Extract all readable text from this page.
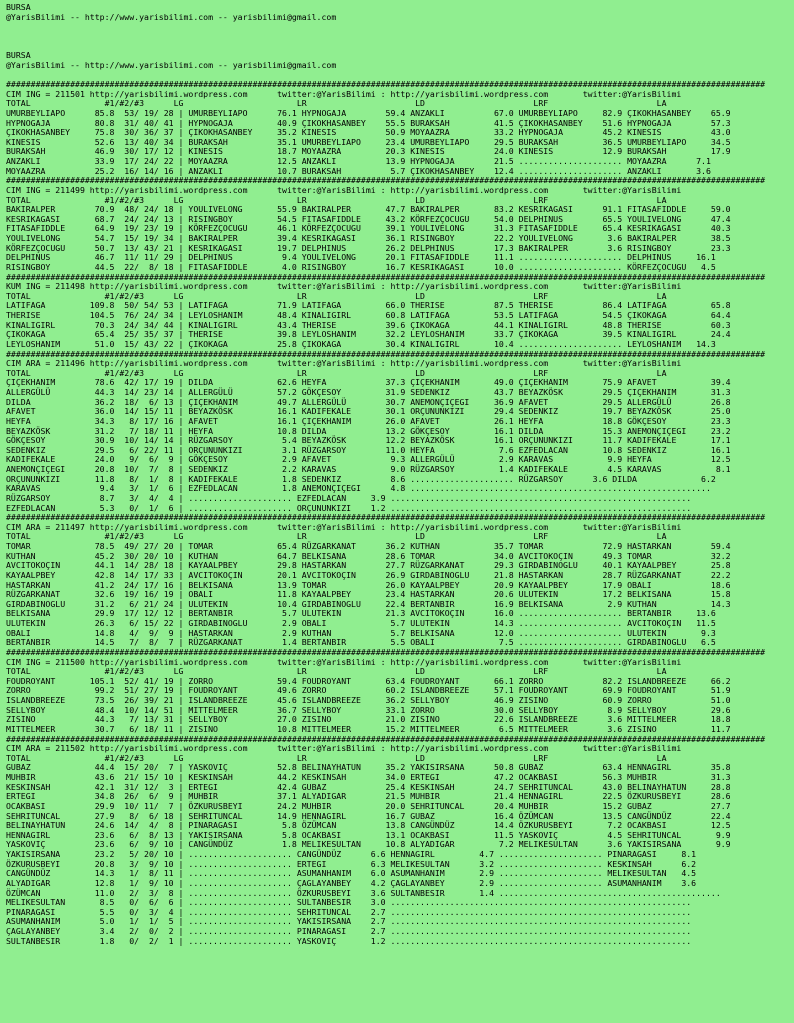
BURSA
@YarisBilimi -- http://www.yarisbilimi.com -- yarisbilimi@gmail.com

BURSA
@YarisBilimi -- http://www.yarisbilimi.com -- yarisbilimi@gmail.com

##########################################################################################################################################################
CIM ING = 211501 http://yarisbilimi.wordpress.com      twitter:@YarisBilimi : http://yarisbilimi.wordpress.com       twitter:@YarisBilimi
TOTAL               #1/#2/#3      LG                       LR                      LD                      LRF                      LA
UMURBEYLIAPO      85.8  53/ 19/ 28 | UMURBEYLIAPO      76.1 HYPNOGAJA        59.4 ANZAKLI          67.0 UMURBEYLIAPO     82.9 ÇIKOKHASANBEY    65.9
HYPNOGAJA         80.8  31/ 40/ 41 | HYPNOGAJA         40.9 ÇIKOKHASANBEY    55.5 BURAKSAH         41.5 ÇIKOKHASANBEY    51.6 HYPNOGAJA        57.3
ÇIKOKHASANBEY     75.8  30/ 36/ 37 | ÇIKOKHASANBEY     35.2 KINESIS          50.9 MOYAAZRA         33.2 HYPNOGAJA        45.2 KINESIS          43.0
KINESIS           52.6  13/ 40/ 34 | BURAKSAH          35.1 UMURBEYLIAPO     23.4 UMURBEYLIAPO     29.5 BURAKSAH         36.5 UMURBEYLIAPO     34.5
BURAKSAH          46.9  30/ 17/ 12 | KINESIS           18.7 MOYAAZRA         20.3 KINESIS          24.0 KINESIS          12.9 BURAKSAH         17.9
ANZAKLI           33.9  17/ 24/ 22 | MOYAAZRA          12.5 ANZAKLI          13.9 HYPNOGAJA        21.5 ..................... MOYAAZRA      7.1
MOYAAZRA          25.2  16/ 14/ 16 | ANZAKLI           10.7 BURAKSAH          5.7 ÇIKOKHASANBEY    12.4 ..................... ANZAKLI       3.6
##########################################################################################################################################################
CIM ING = 211499 http://yarisbilimi.wordpress.com      twitter:@YarisBilimi : http://yarisbilimi.wordpress.com       twitter:@YarisBilimi
TOTAL               #1/#2/#3      LG                       LR                      LD                      LRF                      LA
BAKIRALPER        70.9  48/ 24/ 18 | YOULIVELONG       55.9 BAKIRALPER       47.7 BAKIRALPER       83.2 KESRIKAGASI      91.1 FITASAFIDDLE     59.0
KESRIKAGASI       68.7  24/ 24/ 13 | RISINGBOY         54.5 FITASAFIDDLE     43.2 KÖRFEZÇOCUGU     54.0 DELPHINUS        65.5 YOULIVELONG      47.4
FITASAFIDDLE      64.9  19/ 23/ 19 | KÖRFEZÇOCUGU      46.1 KÖRFEZÇOCUGU     39.1 YOULIVELONG      31.3 FITASAFIDDLE     65.4 KESRIKAGASI      40.3
YOULIVELONG       54.7  15/ 19/ 34 | BAKIRALPER        39.4 KESRIKAGASI      36.1 RISINGBOY        22.2 YOULIVELONG       3.6 BAKIRALPER       38.5
KÖRFEZÇOCUGU      50.7  13/ 43/ 21 | KESRIKAGASI       19.7 DELPHINUS        26.2 DELPHINUS        17.3 BAKIRALPER        3.6 RISINGBOY        23.3
DELPHINUS         46.7  11/ 11/ 29 | DELPHINUS          9.4 YOULIVELONG      20.1 FITASAFIDDLE     11.1 ..................... DELPHINUS     16.1
RISINGBOY         44.5  22/  8/ 18 | FITASAFIDDLE       4.0 RISINGBOY        16.7 KESRIKAGASI      10.0 ..................... KÖRFEZÇOCUGU   4.5
##########################################################################################################################################################
KUM ING = 211498 http://yarisbilimi.wordpress.com      twitter:@YarisBilimi : http://yarisbilimi.wordpress.com       twitter:@YarisBilimi
TOTAL               #1/#2/#3      LG                       LR                      LD                      LRF                      LA
LATIFAGA         109.8  50/ 54/ 53 | LATIFAGA          71.9 LATIFAGA         66.0 THERISE          87.5 THERISE          86.4 LATIFAGA         65.8
THERISE          104.5  76/ 24/ 34 | LEYLOSHANIM       48.4 KINALIGIRL       60.8 LATIFAGA         53.5 LATIFAGA         54.5 ÇIKOKAGA         64.4
KINALIGIRL        70.3  24/ 34/ 44 | KINALIGIRL        43.4 THERISE          39.6 ÇIKOKAGA         44.1 KINALIGIRL       48.8 THERISE          60.3
ÇIKOKAGA          65.4  25/ 35/ 37 | THERISE           39.8 LEYLOSHANIM      32.2 LEYLOSHANIM      33.7 ÇIKOKAGA         39.5 KINALIGIRL       24.4
LEYLOSHANIM       51.0  15/ 43/ 22 | ÇIKOKAGA          25.8 ÇIKOKAGA         30.4 KINALIGIRL       10.4 ..................... LEYLOSHANIM   14.3
##########################################################################################################################################################
CIM ARA = 211496 http://yarisbilimi.wordpress.com      twitter:@YarisBilimi : http://yarisbilimi.wordpress.com       twitter:@YarisBilimi
TOTAL               #1/#2/#3      LG                       LR                      LD                      LRF                      LA
ÇIÇEKHANIM        78.6  42/ 17/ 19 | DILDA             62.6 HEYFA            37.3 ÇIÇEKHANIM       49.0 ÇIÇEKHANIM       75.9 AFAVET           39.4
ALLERGÜLÜ         44.3  14/ 23/ 14 | ALLERGÜLÜ         57.2 GÖKÇESOY         31.9 SEDENKIZ         43.7 BEYAZKÖSK        29.5 ÇIÇEKHANIM       31.3
DILDA             36.2  18/  6/ 13 | ÇIÇEKHANIM        49.7 ALLERGÜLÜ        30.7 ANEMONÇIÇEGI     36.9 AFAVET           29.5 ALLERGÜLÜ        26.8
AFAVET            36.0  14/ 15/ 11 | BEYAZKÖSK         16.1 KADIFEKALE       30.1 ORÇUNUNKIZI      29.4 SEDENKIZ         19.7 BEYAZKÖSK        25.0
HEYFA             34.3   8/ 17/ 16 | AFAVET            16.1 ÇIÇEKHANIM       26.0 AFAVET           26.1 HEYFA            18.8 GÖKÇESOY         23.3
BEYAZKÖSK         31.2   7/ 18/ 11 | HEYFA             10.8 DILDA            13.2 GÖKÇESOY         16.1 DILDA            15.3 ANEMONÇIÇEGI     23.2
GÖKÇESOY          30.9  10/ 14/ 14 | RÜZGARSOY          5.4 BEYAZKÖSK        12.2 BEYAZKÖSK        16.1 ORÇUNUNKIZI      11.7 KADIFEKALE       17.1
SEDENKIZ          29.5   6/ 22/ 11 | ORÇUNUNKIZI        3.1 RÜZGARSOY        11.0 HEYFA             7.6 EZFEDLACAN       10.8 SEDENKIZ         16.1
KADIFEKALE        24.0   9/  6/  9 | GÖKÇESOY           2.9 AFAVET            9.3 ALLERGÜLÜ         2.9 KARAVAS           9.9 HEYFA            12.5
ANEMONÇIÇEGI      20.8  10/  7/  8 | SEDENKIZ           2.2 KARAVAS           9.0 RÜZGARSOY         1.4 KADIFEKALE        4.5 KARAVAS           8.1
ORÇUNUNKIZI       11.8   8/  1/  8 | KADIFEKALE         1.8 SEDENKIZ          8.6 ..................... RÜZGARSOY      3.6 DILDA             6.2
KARAVAS            9.4   3/  1/  6 | EZFEDLACAN         1.8 ANEMONÇIÇEGI      4.8 .............................................................
RÜZGARSOY          8.7   3/  4/  4 | ..................... EZFEDLACAN     3.9 .............................................................
EZFEDLACAN         5.3   0/  1/  6 | ..................... ORÇUNUNKIZI    1.2 .............................................................
##########################################################################################################################################################
CIM ARA = 211497 http://yarisbilimi.wordpress.com      twitter:@YarisBilimi : http://yarisbilimi.wordpress.com       twitter:@YarisBilimi
TOTAL               #1/#2/#3      LG                       LR                      LD                      LRF                      LA
TOMAR             78.5  49/ 27/ 20 | TOMAR             65.4 RÜZGARKANAT      36.2 KUTHAN           35.7 TOMAR            72.9 HASTARKAN        59.4
KUTHAN            45.2  30/ 20/ 10 | KUTHAN            64.7 BELKISANA        28.6 TOMAR            34.0 AVCITOKOÇIN      49.3 TOMAR            32.2
AVCITOKOÇIN       44.1  14/ 28/ 18 | KAYAALPBEY        29.8 HASTARKAN        27.7 RÜZGARKANAT      29.3 GIRDABINOGLU     40.1 KAYAALPBEY       25.8
KAYAALPBEY        42.8  14/ 17/ 33 | AVCITOKOÇIN       20.1 AVCITOKOÇIN      26.9 GIRDABINOGLU     21.8 HASTARKAN        28.7 RÜZGARKANAT      22.2
HASTARKAN         41.2  24/ 17/ 16 | BELKISANA         13.9 TOMAR            26.0 KAYAALPBEY       20.9 KAYAALPBEY       17.9 OBALI            18.6
RÜZGARKANAT       32.6  19/ 16/ 19 | OBALI             11.8 KAYAALPBEY       23.4 HASTARKAN        20.6 ULUTEKIN         17.2 BELKISANA        15.8
GIRDABINOGLU      31.2   6/ 21/ 24 | ULUTEKIN          10.4 GIRDABINOGLU     22.4 BERTANBIR        16.9 BELKISANA         2.9 KUTHAN           14.3
BELKISANA         29.9  17/ 12/ 12 | BERTANBIR          5.7 ULUTEKIN         21.3 AVCITOKOÇIN      16.0 ..................... BERTANBIR     13.6
ULUTEKIN          26.3   6/ 15/ 22 | GIRDABINOGLU       2.9 OBALI             5.7 ULUTEKIN         14.3 ..................... AVCITOKOÇIN   11.5
OBALI             14.8   4/  9/  9 | HASTARKAN          2.9 KUTHAN            5.7 BELKISANA        12.0 ..................... ULUTEKIN       9.3
BERTANBIR         14.5   7/  8/  7 | RÜZGARKANAT        1.4 BERTANBIR         5.5 OBALI             7.5 ..................... GIRDABINOGLU   6.5
##########################################################################################################################################################
CIM ING = 211500 http://yarisbilimi.wordpress.com      twitter:@YarisBilimi : http://yarisbilimi.wordpress.com       twitter:@YarisBilimi
TOTAL               #1/#2/#3      LG                       LR                      LD                      LRF                      LA
FOUDROYANT       105.1  52/ 41/ 19 | ZORRO             59.4 FOUDROYANT       63.4 FOUDROYANT       66.1 ZORRO            82.2 ISLANDBREEZE     66.2
ZORRO             99.2  51/ 27/ 19 | FOUDROYANT        49.6 ZORRO            60.2 ISLANDBREEZE     57.1 FOUDROYANT       69.9 FOUDROYANT       51.9
ISLANDBREEZE      73.5  26/ 39/ 21 | ISLANDBREEZE      45.6 ISLANDBREEZE     36.2 SELLYBOY         46.9 ZISINO           60.9 ZORRO            51.0
SELLYBOY          48.4  10/ 14/ 51 | MITTELMEER        36.7 SELLYBOY         33.1 ZORRO            30.0 SELLYBOY          8.9 SELLYBOY         29.6
ZISINO            44.3   7/ 13/ 31 | SELLYBOY          27.0 ZISINO           21.0 ZISINO           22.6 ISLANDBREEZE      3.6 MITTELMEER       18.8
MITTELMEER        30.7   6/ 18/ 11 | ZISINO            10.8 MITTELMEER       15.2 MITTELMEER        6.5 MITTELMEER        3.6 ZISINO           11.7
##########################################################################################################################################################
CIM ARA = 211502 http://yarisbilimi.wordpress.com      twitter:@YarisBilimi : http://yarisbilimi.wordpress.com       twitter:@YarisBilimi
TOTAL               #1/#2/#3      LG                       LR                      LD                      LRF                      LA
GUBAZ             44.4  15/ 20/  7 | YASKOVIÇ          52.8 BELINAYHATUN     35.2 YAKISIRSANA      50.8 GUBAZ            63.4 HENNAGIRL        35.8
MUHBIR            43.6  21/ 15/ 10 | KESKINSAH         44.2 KESKINSAH        34.0 ERTEGI           47.2 OCAKBASI         56.3 MUHBIR           31.3
KESKINSAH         42.1  31/ 12/  3 | ERTEGI            42.4 GUBAZ            25.4 KESKINSAH        24.7 SEHRITUNCAL      43.0 BELINAYHATUN     28.8
ERTEGI            34.8  26/  6/  9 | MUHBIR            37.1 ALYADIGAR        21.5 MUHBIR           21.4 HENNAGIRL        22.5 ÖZKURUSBEYI      28.6
OCAKBASI          29.9  10/ 11/  7 | ÖZKURUSBEYI       24.2 MUHBIR           20.0 SEHRITUNCAL      20.4 MUHBIR           15.2 GUBAZ            27.7
SEHRITUNCAL       27.9   8/  6/ 18 | SEHRITUNCAL       14.9 HENNAGIRL        16.7 GUBAZ            16.4 ÖZÜMCAN          13.5 CANGÜNDÜZ        22.4
BELINAYHATUN      24.6  14/  4/  8 | PINARAGASI         5.8 ÖZÜMCAN          13.8 CANGÜNDÜZ        14.4 ÖZKURUSBEYI       7.2 OCAKBASI         12.5
HENNAGIRL         23.6   6/  8/ 13 | YAKISIRSANA        5.8 OCAKBASI         13.1 OCAKBASI         11.5 YASKOVIÇ          4.5 SEHRITUNCAL       9.9
YASKOVIÇ          23.6   6/  9/ 10 | CANGÜNDÜZ          1.8 MELIKESULTAN     10.8 ALYADIGAR         7.2 MELIKESULTAN      3.6 YAKISIRSANA       9.9
YAKISIRSANA       23.2   5/ 20/ 10 | ..................... CANGÜNDÜZ      6.6 HENNAGIRL         4.7 ..................... PINARAGASI     8.1
ÖZKURUSBEYI       20.8   3/  9/ 10 | ..................... ERTEGI         6.3 MELIKESULTAN      3.2 ..................... KESKINSAH      6.2
CANGÜNDÜZ         14.3   1/  8/ 11 | ..................... ASUMANHANIM    6.0 ASUMANHANIM       2.9 ..................... MELIKESULTAN   4.5
ALYADIGAR         12.8   1/  9/ 10 | ..................... ÇAGLAYANBEY    4.2 ÇAGLAYANBEY       2.9 ..................... ASUMANHANIM    3.6
ÖZÜMCAN           11.0   2/  3/  8 | ..................... ÖZKURUSBEYI    3.6 SULTANBESIR       1.4 .............................................
MELIKESULTAN       8.5   0/  6/  6 | ..................... SULTANBESIR    3.0 .............................................................
PINARAGASI         5.5   0/  3/  4 | ..................... SEHRITUNCAL    2.7 .............................................................
ASUMANHANIM        5.0   1/  1/  5 | ..................... YAKISIRSANA    2.7 .............................................................
ÇAGLAYANBEY        3.4   2/  0/  2 | ..................... PINARAGASI     2.7 .............................................................
SULTANBESIR        1.8   0/  2/  1 | ..................... YASKOVIÇ       1.2 .............................................................
